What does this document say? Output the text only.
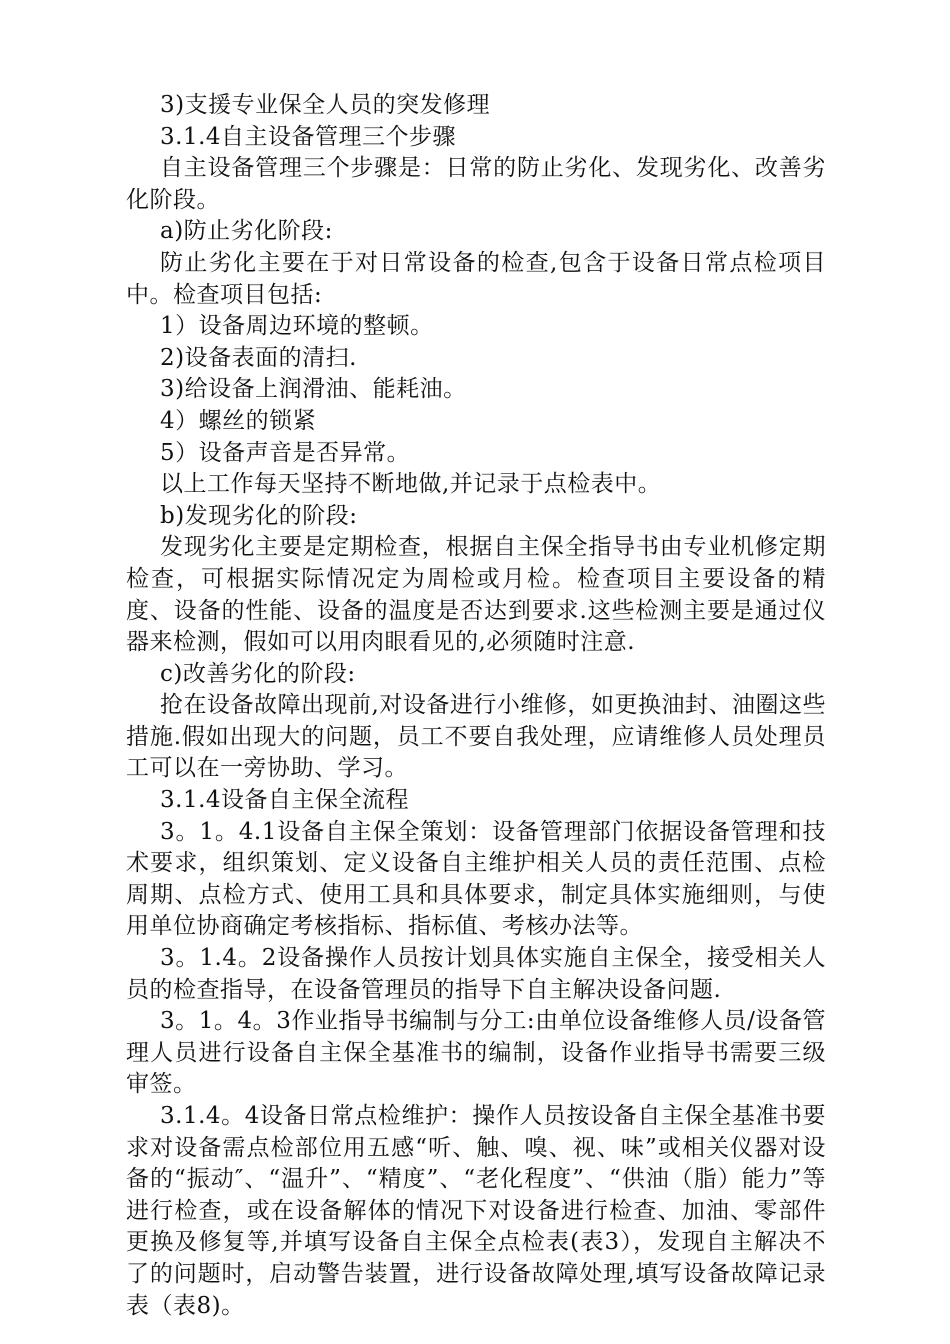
3)支援专业保全人员的突发修理

3.1.4自主设备管理三个步骤

自主设备管理三个步骤是：日常的防止劣化、发现劣化、改善劣化阶段。

a)防止劣化阶段:

防止劣化主要在于对日常设备的检查,包含于设备日常点检项目中。检查项目包括:

1）设备周边环境的整顿。

2)设备表面的清扫.

3)给设备上润滑油、能耗油。

4）螺丝的锁紧

5）设备声音是否异常。

以上工作每天坚持不断地做,并记录于点检表中。

b)发现劣化的阶段:

发现劣化主要是定期检查，根据自主保全指导书由专业机修定期检查，可根据实际情况定为周检或月检。检查项目主要设备的精度、设备的性能、设备的温度是否达到要求.这些检测主要是通过仪器来检测，假如可以用肉眼看见的,必须随时注意.

c)改善劣化的阶段:

抢在设备故障出现前,对设备进行小维修，如更换油封、油圈这些措施.假如出现大的问题，员工不要自我处理，应请维修人员处理员工可以在一旁协助、学习。

3.1.4设备自主保全流程

3。1。4.1设备自主保全策划：设备管理部门依据设备管理和技术要求，组织策划、定义设备自主维护相关人员的责任范围、点检周期、点检方式、使用工具和具体要求，制定具体实施细则，与使用单位协商确定考核指标、指标值、考核办法等。

3。1.4。2设备操作人员按计划具体实施自主保全，接受相关人员的检查指导，在设备管理员的指导下自主解决设备问题.

3。1。4。3作业指导书编制与分工:由单位设备维修人员/设备管理人员进行设备自主保全基准书的编制，设备作业指导书需要三级审签。

3.1.4。4设备日常点检维护：操作人员按设备自主保全基准书要求对设备需点检部位用五感“听、触、嗅、视、味”或相关仪器对设备的“振动″、“温升”、“精度”、“老化程度”、“供油（脂）能力”等进行检查，或在设备解体的情况下对设备进行检查、加油、零部件更换及修复等,并填写设备自主保全点检表(表3），发现自主解决不了的问题时，启动警告装置，进行设备故障处理,填写设备故障记录表（表8)。
